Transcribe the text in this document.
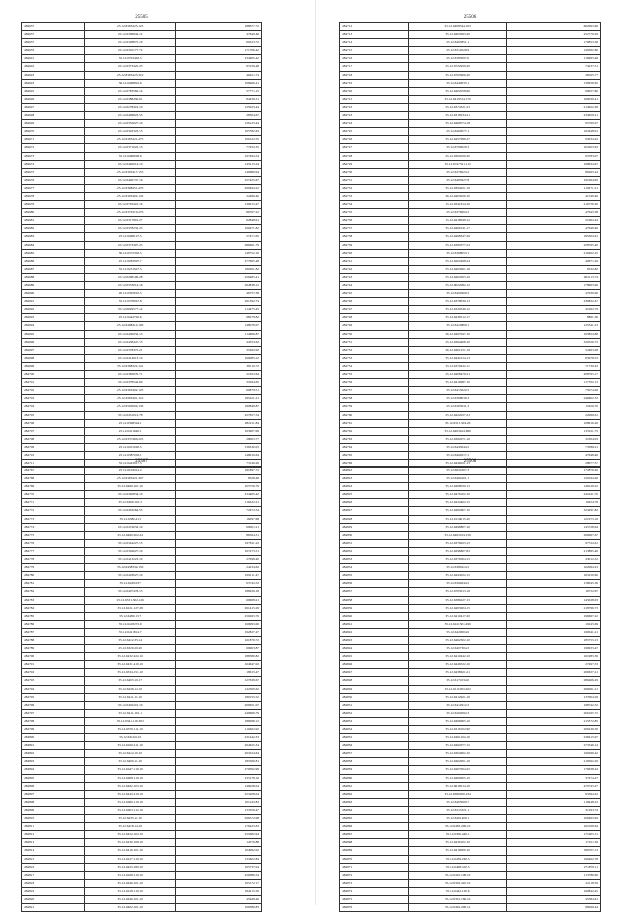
25505
484637	25.12.8393425.125	188677.72
484637	25.12.6309844.12	47640.46
484637	25.12.6328875.19	60523.72
484633	25.12.6310177.72	171706.42
484641	35.12.6703402.5	234465.42
484642	25.12.6373425.23	93156.48
484643	25.12.8393423.310	46421.74
484643	36.12.6468822.6	168466.41
484645	25.12.6783582.14	57771.15
484646	25.12.6388456.61	84439.31
484647	25.12.6278419.10	125023.44
484648	25.12.6406823.55	28304.67
484649	25.12.6332027.10	126123.44
484670	25.12.6303323.13	165782.63
484671	25.12.6393421.475	109122.55
484672	25.12.6371022.15	77452.35
484673	35.12.6468028.6	197494.54
484674	25.12.6440014.10	145213.24
484675	25.12.6303417.155	140689.94
484676	25.12.6440137.16	527425.67
484677	25.12.6398451.470	290494.22
484678	25.12.6303402.143	22466.40
484679	25.12.6703410.16	130013.47
484680	25.12.6376310.270	86767.22
484681	25.12.6317601.27	62848.91
484682	25.12.6378232.23	169471.82
484683	25.12.6498127.5	57471.65
484684	25.12.6373407.23	288461.79
484685	30.12.6372302.5	149752.16
484686	25.12.6283097.7	277665.48
484687	35.12.6231627.5	180201.82
484688	25.12.6298106.28	256465.41
484689	25.12.6333014.16	264838.12
484690	20.12.6393010.5	46757.38
484691	35.12.6378047.8	291392.74
484692	35.12.6649577.12	114475.45
484693	25.12.6444702.6	98276.82
484694	25.12.6408414.100	148076.07
484695	25.12.6430032.13	114606.87
484696	25.12.6438447.13	44553.62
484697	25.12.6378475.21	35262.92
484698	25.12.6414613.10	169085.22
484699	35.12.6398322.141	38110.72
484700	25.12.6382670.71	21652.64
484701	33.12.6378544.69	33294.65
484702	25.12.6303402.125	60879.51
484703	25.12.6393401.110	185221.21
484704	25.12.6502004.130	180849.87
484705	35.12.6451012.78	227657.54
484706	25.12.6368544.1	282211.84
484707	25.12.6411640.1	163907.06
484708	25.12.6337460.225	28003.77
484709	25.12.6451020.5	136330.03
484710	25.12.6387018.1	148619.64
484711	35.12.6443617.5	73146.26
25506
484712	25.12.6408344.163	662063.60
484713	35.12.6403093.20	252779.29
484714	25.12.6403851.1	176853.36
484715	25.12.6312029.9	149562.60
484716	25.12.6385097.6	116963.46
484717	25.12.6722929.20	74237.51
484718	35.12.6763906.20	28165.77
484719	35.12.6440035.1	130956.65
484720	35.12.6402058.60	69057.60
484721	35.12.6419314.170	166030.41
484722	25.12.6374321.23	214622.28
484723	25.12.6318234.21	234659.21
484724	35.12.6469574.18	95790.07
484725	25.12.6400077.1	163448.91
484726	35.12.6457086.37	93034.22
484727	35.12.6709020.3	163203.63
484728	25.12.6302020.20	63783.07
484729	35.12.6747321.112	168634.67
484730	35.12.6376023.2	86265.24
484731	35.12.6463927.8	191064.65
484732	35.12.6394021.19	119271.21
484733	36.12.6403026.10	41549.46
484734	15.12.6341614.10	216756.26
484735	25.12.6376004.3	47645.58
484736	15.12.6418049.12	21662.44
484737	35.12.6469141.17	47649.46
484738	35.12.6468347.26	185304.61
484739	25.12.6390377.23	228795.40
484740	35.12.6368053.1	216402.25
484741	25.12.6202498.24	49671.29
484742	25.12.6403061.16	9332.82
484743	25.12.6404503.10	402113.74
484744	25.12.6022082.12	178963.96
484745	35.12.6402900.5	47630.06
484746	25.12.6378030.13	230822.47
484747	35.12.6320540.12	41962.79
484748	35.12.6436512.17	8891.36
484749	35.12.6410800.1	125341.23
484750	36.12.6407947.10	163854.86
484751	25.12.6364408.10	326356.73
484752	36.12.6401251.19	52463.28
484753	35.12.6441014.13	65978.53
484754	35.12.6370422.11	71730.43
484755	25.12.6408479.21	208793.17
484756	35.12.6410987.10	117702.13
484757	35.12.6415022.5	75074.26
484758	35.12.6368039.3	246602.33
484759	25.12.6305031.3	15456.70
484760	25.12.6422027.23	22066.61
484761	35.12.6311.504.26	108916.26
484762	35.12.6403424.690	135011.75
484763	35.12.6362071.10	32304.03
484764	35.12.6443044.5	73586.21
484765	35.12.6402017.1	47648.46
484766	35.12.6440021.13	28977.57
25507
484767	25.12.6104012.2	181897.72
484768	25.12.6303421.307	8328.46
484769	35.12.6469.101.10	105756.79
484770	35.12.6340834.10	234465.42
484771	35.12.6369.101.5	116432.21
484772	35.12.6403264.55	72672.54
484773	35.12.6380.413	16097.68
484774	25.12.6474032.19	60001.21
484775	25.12.6469.202.24	86564.31
484776	35.12.6344227.15	197811.22
484777	35.12.6304027.10	167473.51
484778	35.12.6413223.10	27098.40
484779	35.12.6438334.150	24234.62
484780	35.12.6418027.10	109111.47
484781	35.12.6430.037	63742.52
484782	35.12.6407476.15	186939.18
484783	25.12.6331.302.126	60908.21
484784	35.12.6411.127.28	291415.29
484785	35.12.6480.13.7	259263.76
484786	35.12.6418272.9	169093.06
484787	35.12.6411814.7	192827.47
484788	35.12.6412.35.14	161879.72
484789	25.12.6320.20.20	69003.87
484790	35.12.6432.222.10	188589.82
484791	35.12.6431.410.10	164647.02
484792	35.12.6334.151.10	18615.47
484793	35.12.6403.10.17	127639.67
484794	35.12.6436.12.10	142309.62
484795	35.12.6411.11.10	189155.52
484796	35.12.6402210.10	209651.07
484797	35.12.6411.101.1	249669.79
484798	35.12.6341.116.303	186098.12
484799	35.12.6376.111.10	110402.92
484800	35.12.6419.6.10	231442.33
484801	35.12.6420.211.10	264625.34
484802	35.12.6412.10.10	263224.64
484803	35.12.6400.11.10	185369.81
484804	35.12.6447.110.10	270092.99
484805	35.12.6408.110.10	235178.16
484806	35.12.6462.103.10	149028.04
484807	35.12.6443.210.10	223208.04
484808	35.12.6460.110.10	161243.83
484809	35.12.6403.112.10	133359.47
484810	35.12.6435.11.10	296572.98
484811	35.12.6418.14.10	176423.63
484812	35.12.6452.102.10	255082.94
484813	35.12.6430.108.10	14576.88
484814	35.12.6416.101.10	164992.02
484815	35.12.6417.110.10	133402.84
484816	35.12.6423.180.10	165737.04
484817	35.12.6428.110.10	220086.54
484818	35.12.6446.101.10	165172.17
484819	35.12.6418.110.10	184215.56
484820	35.12.6446.101.10	45648.46
484821	35.12.6402.101.10	166389.83
25508
484822	35.12.6024307.3	172879.26
484823	35.12.6464201.1	126194.26
484824	35.12.6408030.13	148129.22
484825	35.12.6476102.10	242241.70
484826	35.12.6434402.15	16454.76
484827	35.12.6482607.10	324291.82
484828	35.12.6116015.20	121973.16
484829	35.12.6499807.10	145728.64
484830	35.12.6465104.156	290967.67
484831	35.12.6376023.15	97722.61
484832	35.12.6296807.63	213895.46
484833	35.12.6376304.15	43012.52
484834	35.12.6380414.5	162094.23
484835	35.12.6443022.15	165259.60
484836	35.12.6364044.5	158045.36
484837	35.12.6703013.16	16752.97
484838	35.12.6386227.15	145028.03
484839	35.12.6403004.15	218796.73
484840	35.12.6410417.20	196667.22
484841	35.12.6411501.499	10245.69
484842	35.12.6420004.9	160041.21
484843	35.12.6462302.10	185753.13
484844	35.12.6407304.3	199933.47
484845	35.12.6410442.10	161983.39
484846	35.12.6446522.10	27497.33
484847	35.12.6438621.21	206657.21
484848	35.12.6171034.0	286466.29
484849	35.12.6111063.202	266091.21
484850	35.12.6412921.10	137904.29
484851	35.12.6412912.3	198742.52
484852	35.12.6202092.3	206165.72
484853	35.12.6406665.10	215372.85
484854	35.12.6316102.90	206239.50
484855	35.12.6461104.10	238415.97
484856	35.12.6462077.15	273346.14
484857	35.12.6304602.10	160296.42
484858	35.12.6402001.10	219562.29
484859	35.12.6407004.25	176638.44
484860	35.12.6460005.10	37474.27
484861	35.12.6618514.10	470743.27
484862	35.12.6380200.234	93394.22
484863	35.12.6405000.7	118448.23
484864	35.12.6313321.1	31293.74
484865	35.12.6401400.1	106493.94
484866	35.12.6463.209.10	162109.64
484867	35.12.6300.440.1	171905.31
484868	35.12.6436102.10	17101.39
484869	35.12.6410009.10	186707.13
484870	35.12.6439.240.5	196462.78
484871	35.12.6408.410.5	271879.11
484872	35.12.6410.108.10	113786.60
484873	35.12.6302.410.10	22118.59
484874	35.12.6442.120.6	160842.45
484875	35.12.6301.160.10	45584.61
484876	35.12.6402.290.12	98266.44
